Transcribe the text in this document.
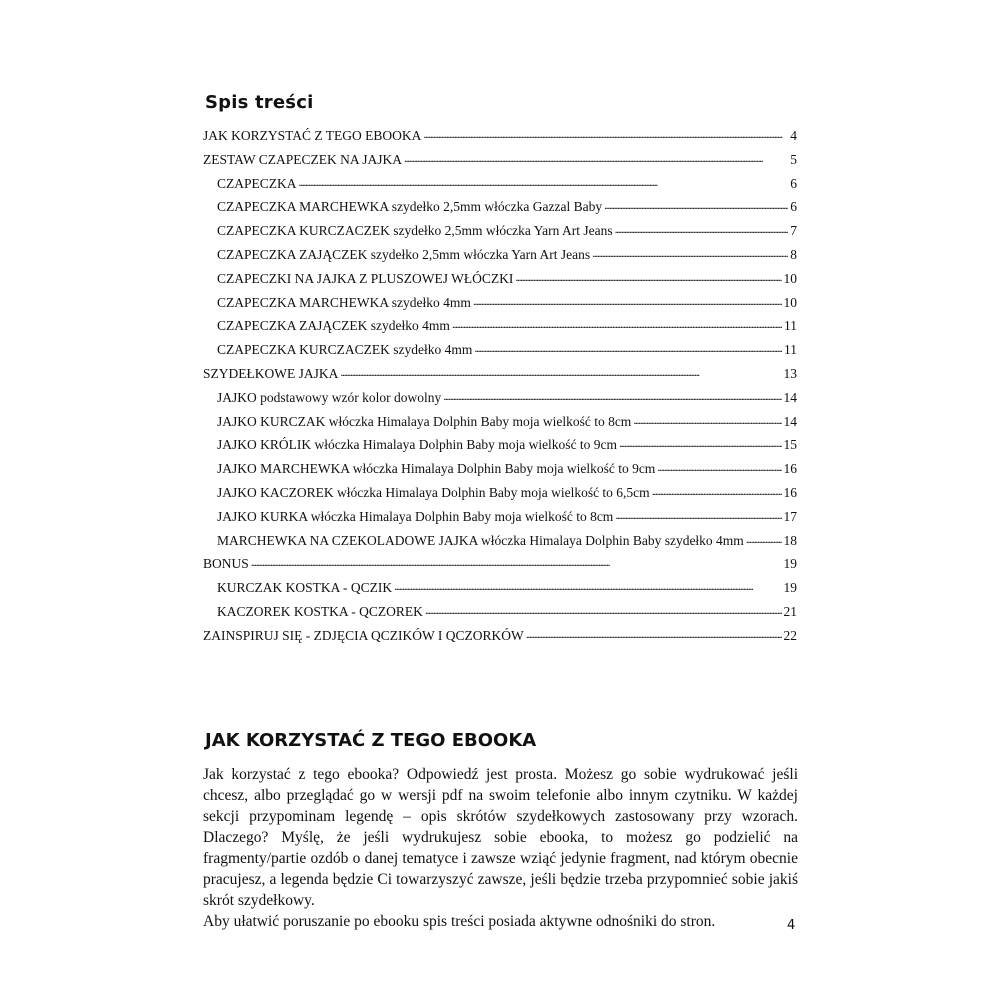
Spis treści
JAK KORZYSTAĆ Z TEGO EBOOKA . . .	4
ZESTAW CZAPECZEK NA JAJKA . . .	5
CZAPECZKA . . .	6
CZAPECZKA MARCHEWKA szydełko 2,5mm włóczka Gazzal Baby . . .	6
CZAPECZKA KURCZACZEK szydełko 2,5mm włóczka Yarn Art Jeans . . .	7
CZAPECZKA ZAJĄCZEK szydełko 2,5mm włóczka Yarn Art Jeans . . .	8
CZAPECZKI NA JAJKA Z PLUSZOWEJ WŁÓCZKI . . .	10
CZAPECZKA MARCHEWKA szydełko 4mm . . .	10
CZAPECZKA ZAJĄCZEK szydełko 4mm . . .	11
CZAPECZKA KURCZACZEK szydełko 4mm . . .	11
SZYDEŁKOWE JAJKA . . .	13
JAJKO podstawowy wzór kolor dowolny . . .	14
JAJKO KURCZAK włóczka Himalaya Dolphin Baby moja wielkość to 8cm . . .	14
JAJKO KRÓLIK włóczka Himalaya Dolphin Baby moja wielkość to 9cm . . .	15
JAJKO MARCHEWKA włóczka Himalaya Dolphin Baby moja wielkość to 9cm . . .	16
JAJKO KACZOREK włóczka Himalaya Dolphin Baby moja wielkość to 6,5cm . . .	16
JAJKO KURKA włóczka Himalaya Dolphin Baby moja wielkość to 8cm . . .	17
MARCHEWKA NA CZEKOLADOWE JAJKA włóczka Himalaya Dolphin Baby szydełko 4mm . . .	18
BONUS . . .	19
KURCZAK KOSTKA - QCZIK . . .	19
KACZOREK KOSTKA - QCZOREK . . .	21
ZAINSPIRUJ SIĘ - ZDJĘCIA QCZIKÓW I QCZORKÓW . . .	22
JAK KORZYSTAĆ Z TEGO EBOOKA

Jak korzystać z tego ebooka? Odpowiedź jest prosta. Możesz go sobie wydrukować jeśli chcesz, albo przeglądać go w wersji pdf na swoim telefonie albo innym czytniku. W każdej sekcji przypominam legendę – opis skrótów szydełkowych zastosowany przy wzorach. Dlaczego? Myślę, że jeśli wydrukujesz sobie ebooka, to możesz go podzielić na fragmenty/partie ozdób o danej tematyce i zawsze wziąć jedynie fragment, nad którym obecnie pracujesz, a legenda będzie Ci towarzyszyć zawsze, jeśli będzie trzeba przypomnieć sobie jakiś skrót szydełkowy.

Aby ułatwić poruszanie po ebooku spis treści posiada aktywne odnośniki do stron.	4
